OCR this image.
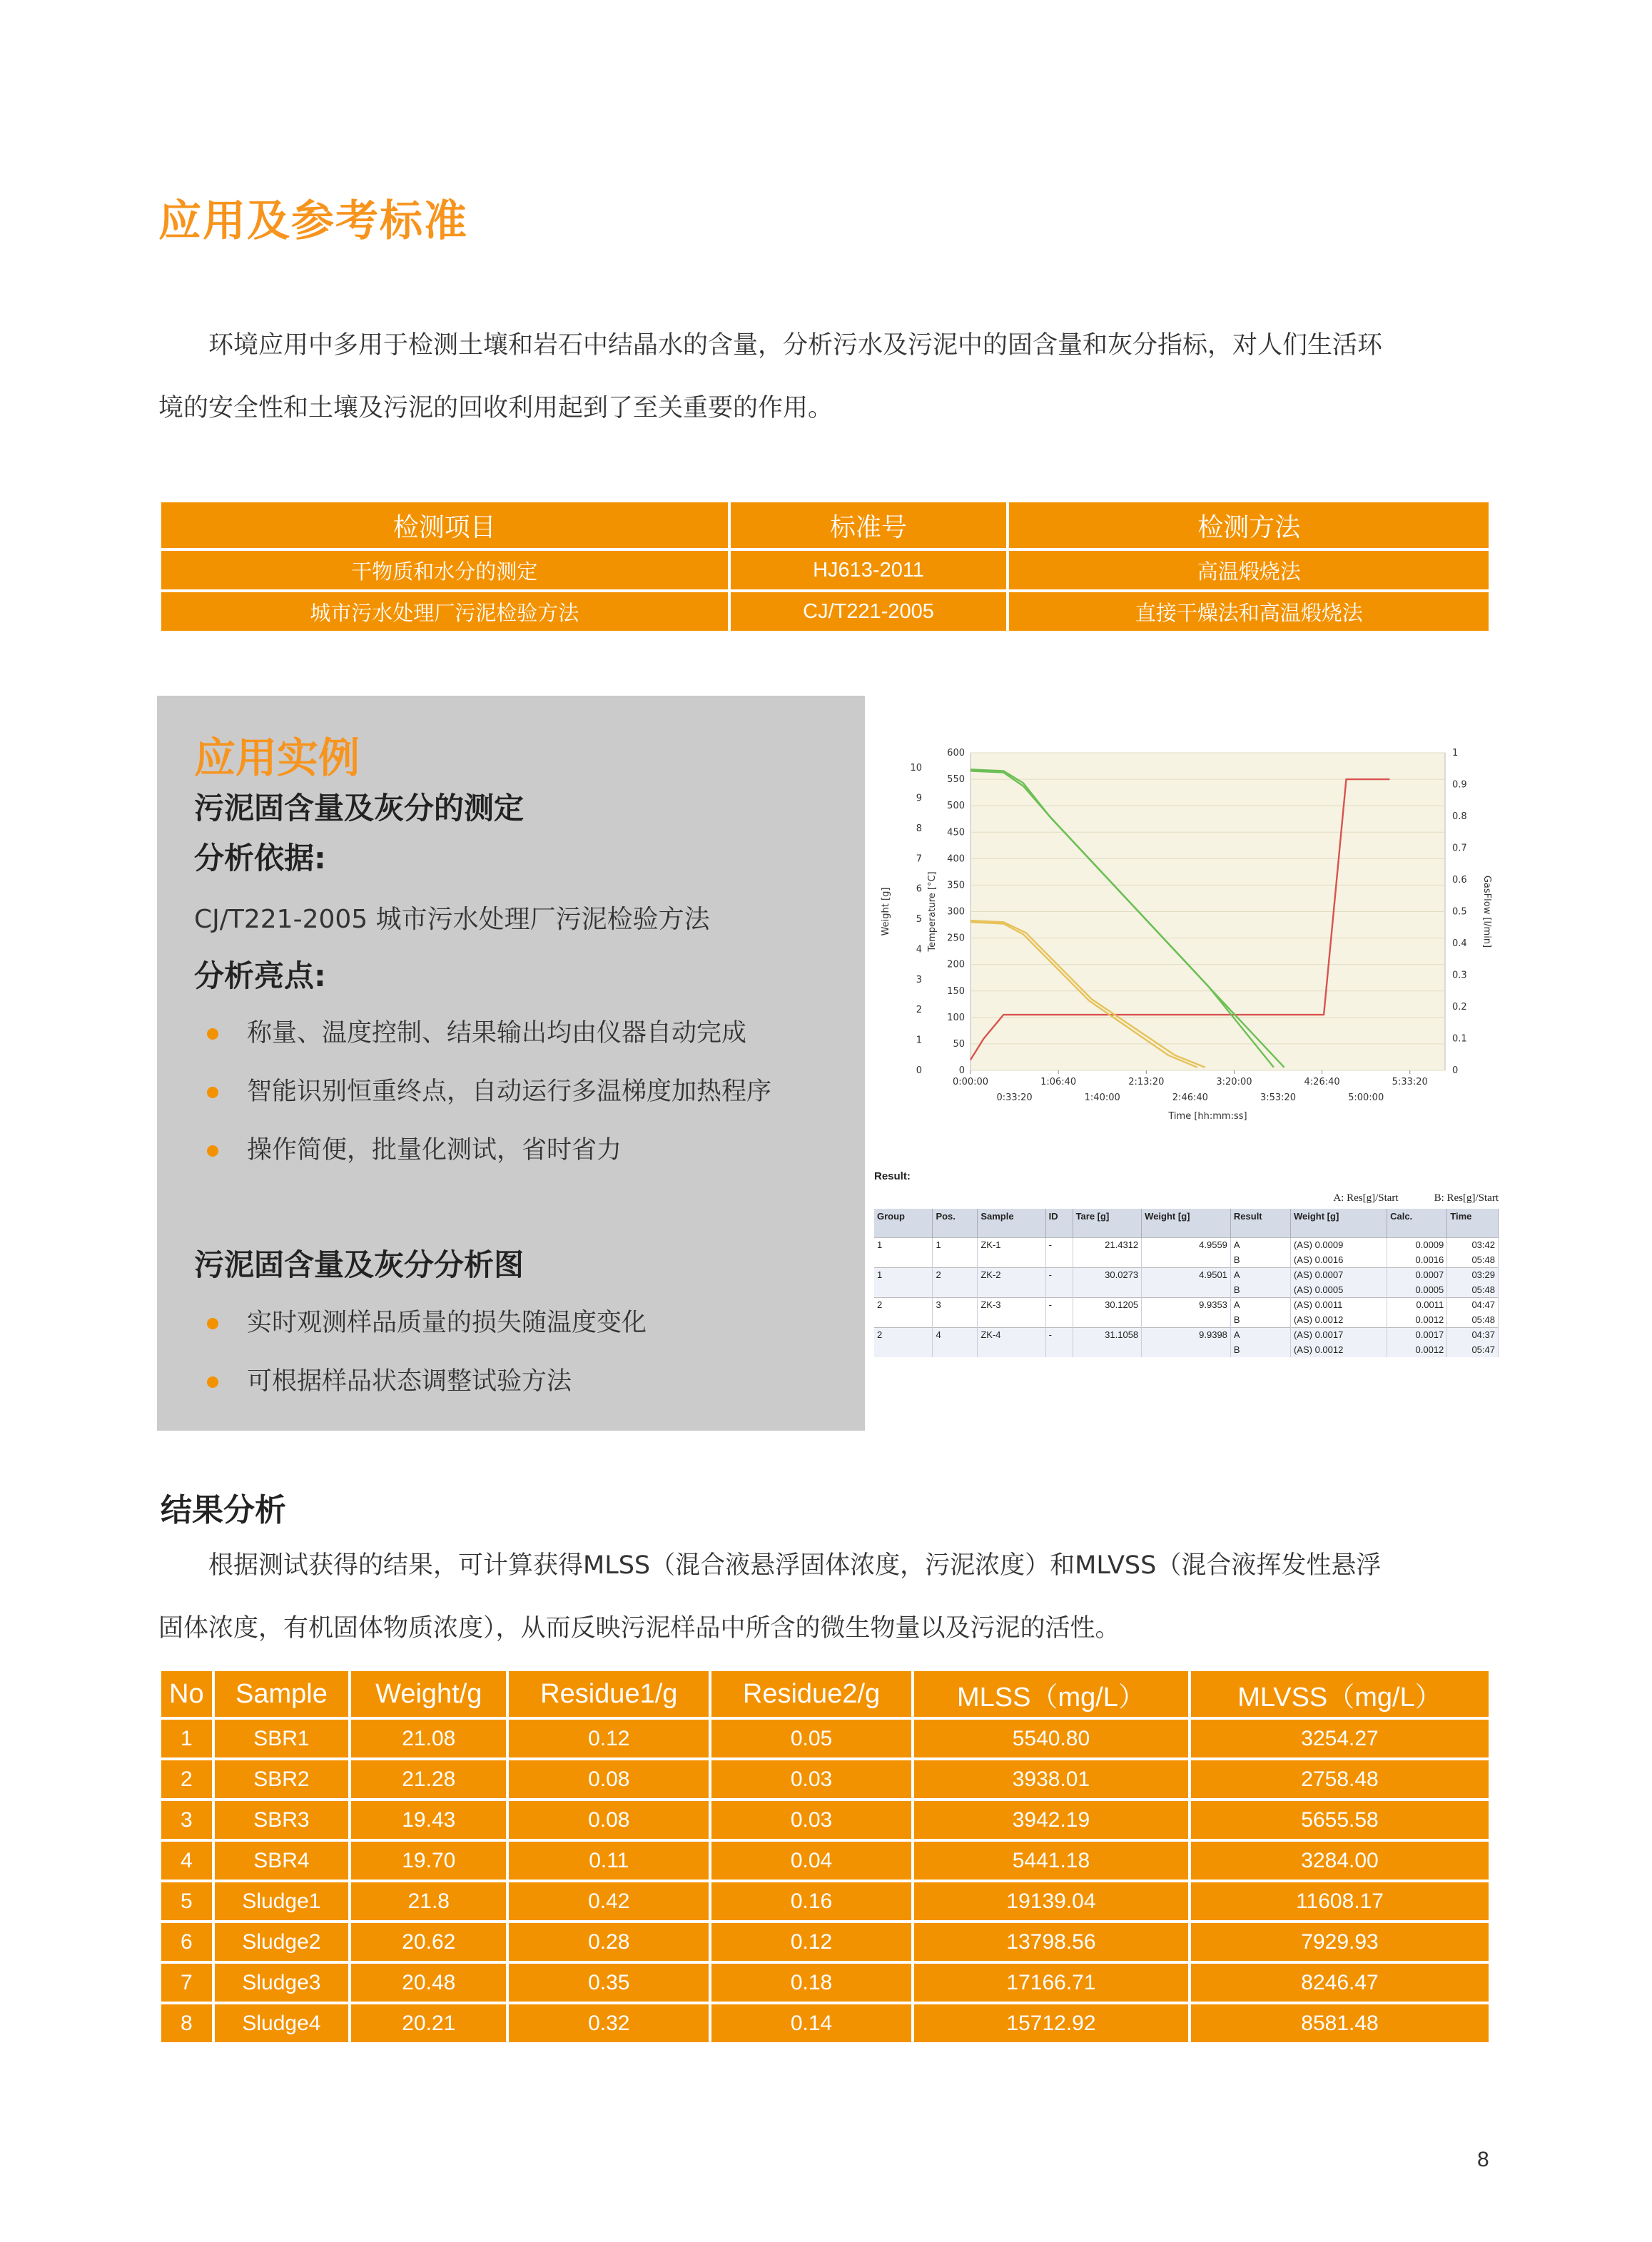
应用及参考标准
环境应用中多用于检测土壤和岩石中结晶水的含量，分析污水及污泥中的固含量和灰分指标，对人们生活环
境的安全性和土壤及污泥的回收利用起到了至关重要的作用。
检测项目	标准号	检测方法
干物质和水分的测定	HJ613-2011	高温煅烧法
城市污水处理厂污泥检验方法	CJ/T221-2005	直接干燥法和高温煅烧法
应用实例
污泥固含量及灰分的测定
分析依据:
CJ/T221-2005 城市污水处理厂污泥检验方法
分析亮点:
称量、温度控制、结果输出均由仪器自动完成
智能识别恒重终点，自动运行多温梯度加热程序
操作简便，批量化测试，省时省力
污泥固含量及灰分分析图
实时观测样品质量的损失随温度变化
可根据样品状态调整试验方法
0
50
100
150
200
250
300
350
400
450
500
550
600
0
1
2
3
4
5
6
7
8
9
10
0
0.1
0.2
0.3
0.4
0.5
0.6
0.7
0.8
0.9
1
0:00:00	1:06:40	2:13:20	3:20:00	4:26:40	5:33:20
0:33:20	1:40:00	2:46:40	3:53:20	5:00:00
Time [hh:mm:ss]
Weight [g]	Temperature [°C]	GasFlow [l/min]
Result:
A: Res[g]/Start	B: Res[g]/Start
Group	Pos.	Sample	ID	Tare [g]	Weight [g]	Result	Weight [g]	Calc.	Time
1	1	ZK-1	-	21.4312	4.9559	A	(AS) 0.0009	0.0009	03:42
						B	(AS) 0.0016	0.0016	05:48
1	2	ZK-2	-	30.0273	4.9501	A	(AS) 0.0007	0.0007	03:29
						B	(AS) 0.0005	0.0005	05:48
2	3	ZK-3	-	30.1205	9.9353	A	(AS) 0.0011	0.0011	04:47
						B	(AS) 0.0012	0.0012	05:48
2	4	ZK-4	-	31.1058	9.9398	A	(AS) 0.0017	0.0017	04:37
						B	(AS) 0.0012	0.0012	05:47
结果分析
根据测试获得的结果，可计算获得MLSS（混合液悬浮固体浓度，污泥浓度）和MLVSS（混合液挥发性悬浮
固体浓度，有机固体物质浓度），从而反映污泥样品中所含的微生物量以及污泥的活性。
No	Sample	Weight/g	Residue1/g	Residue2/g	MLSS（mg/L）	MLVSS（mg/L）
1	SBR1	21.08	0.12	0.05	5540.80	3254.27
2	SBR2	21.28	0.08	0.03	3938.01	2758.48
3	SBR3	19.43	0.08	0.03	3942.19	5655.58
4	SBR4	19.70	0.11	0.04	5441.18	3284.00
5	Sludge1	21.8	0.42	0.16	19139.04	11608.17
6	Sludge2	20.62	0.28	0.12	13798.56	7929.93
7	Sludge3	20.48	0.35	0.18	17166.71	8246.47
8	Sludge4	20.21	0.32	0.14	15712.92	8581.48
8
